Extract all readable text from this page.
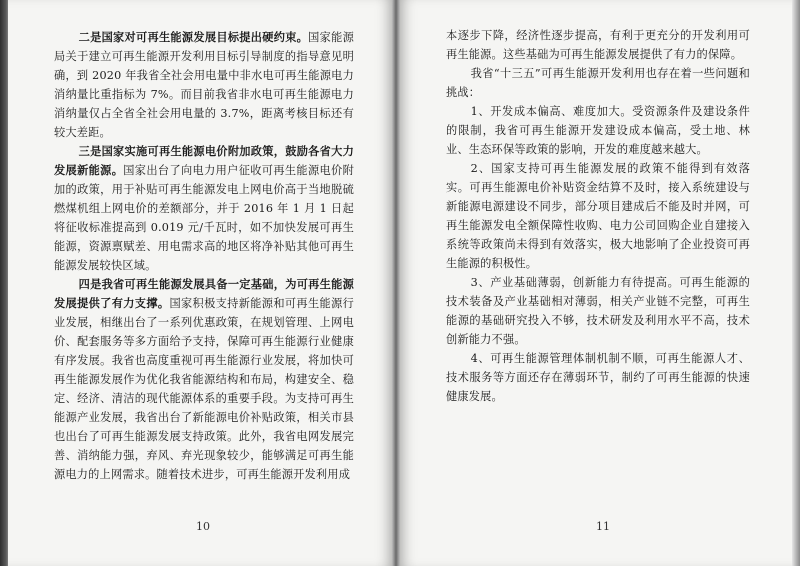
二是国家对可再生能源发展目标提出硬约束。国家能源局关于建立可再生能源开发利用目标引导制度的指导意见明确，到 2020 年我省全社会用电量中非水电可再生能源电力消纳量比重指标为 7%。而目前我省非水电可再生能源电力消纳量仅占全省全社会用电量的 3.7%，距离考核目标还有较大差距。

三是国家实施可再生能源电价附加政策，鼓励各省大力发展新能源。国家出台了向电力用户征收可再生能源电价附加的政策，用于补贴可再生能源发电上网电价高于当地脱硫燃煤机组上网电价的差额部分，并于 2016 年 1 月 1 日起将征收标准提高到 0.019 元/千瓦时，如不加快发展可再生能源，资源禀赋差、用电需求高的地区将净补贴其他可再生能源发展较快区域。

四是我省可再生能源发展具备一定基础，为可再生能源发展提供了有力支撑。国家积极支持新能源和可再生能源行业发展，相继出台了一系列优惠政策，在规划管理、上网电价、配套服务等多方面给予支持，保障可再生能源行业健康有序发展。我省也高度重视可再生能源行业发展，将加快可再生能源发展作为优化我省能源结构和布局，构建安全、稳定、经济、清洁的现代能源体系的重要手段。为支持可再生能源产业发展，我省出台了新能源电价补贴政策，相关市县也出台了可再生能源发展支持政策。此外，我省电网发展完善、消纳能力强，弃风、弃光现象较少，能够满足可再生能源电力的上网需求。随着技术进步，可再生能源开发利用成

10

本逐步下降，经济性逐步提高，有利于更充分的开发利用可再生能源。这些基础为可再生能源发展提供了有力的保障。

我省“十三五”可再生能源开发利用也存在着一些问题和挑战：

1、开发成本偏高、难度加大。受资源条件及建设条件的限制，我省可再生能源开发建设成本偏高，受土地、林业、生态环保等政策的影响，开发的难度越来越大。

2、国家支持可再生能源发展的政策不能得到有效落实。可再生能源电价补贴资金结算不及时，接入系统建设与新能源电源建设不同步，部分项目建成后不能及时并网，可再生能源发电全额保障性收购、电力公司回购企业自建接入系统等政策尚未得到有效落实，极大地影响了企业投资可再生能源的积极性。

3、产业基础薄弱，创新能力有待提高。可再生能源的技术装备及产业基础相对薄弱，相关产业链不完整，可再生能源的基础研究投入不够，技术研发及利用水平不高，技术创新能力不强。

4、可再生能源管理体制机制不顺，可再生能源人才、技术服务等方面还存在薄弱环节，制约了可再生能源的快速健康发展。

11
